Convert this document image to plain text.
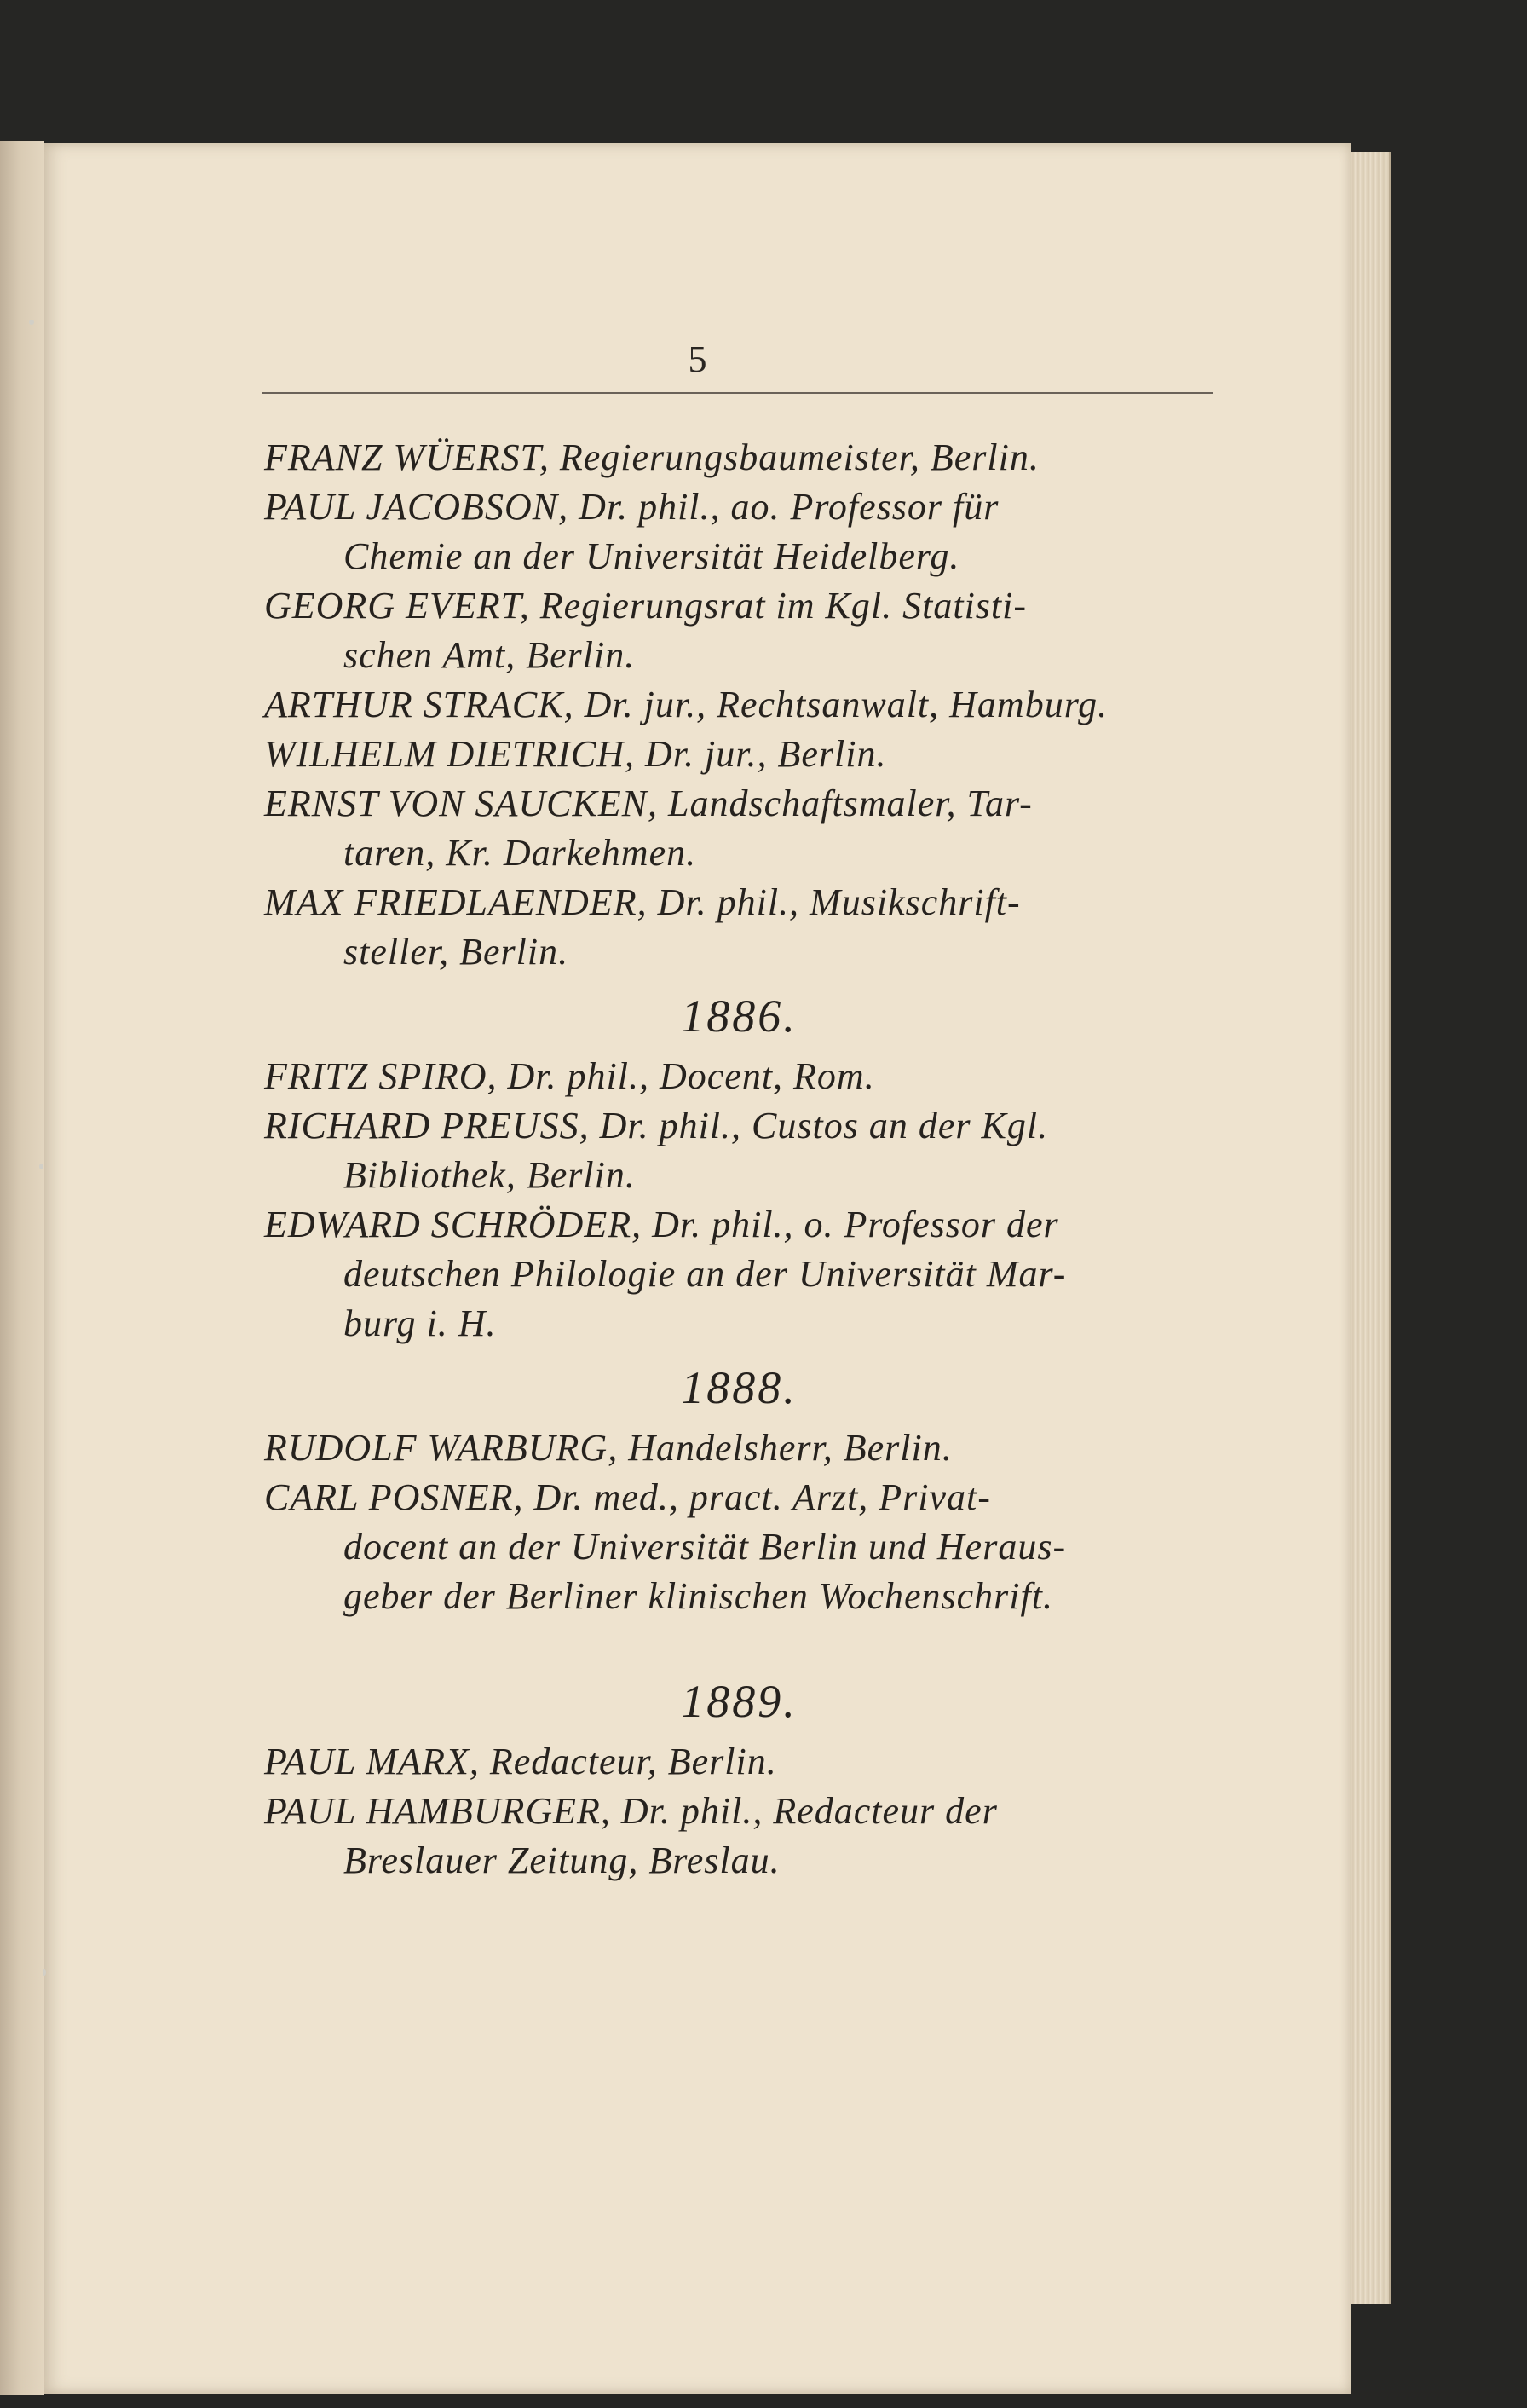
5

FRANZ WÜERST, Regierungsbaumeister, Berlin.

PAUL JACOBSON, Dr. phil., ao. Professor für
Chemie an der Universität Heidelberg.

GEORG EVERT, Regierungsrat im Kgl. Statisti-
schen Amt, Berlin.

ARTHUR STRACK, Dr. jur., Rechtsanwalt, Hamburg.

WILHELM DIETRICH, Dr. jur., Berlin.

ERNST VON SAUCKEN, Landschaftsmaler, Tar-
taren, Kr. Darkehmen.

MAX FRIEDLAENDER, Dr. phil., Musikschrift-
steller, Berlin.

1886.

FRITZ SPIRO, Dr. phil., Docent, Rom.

RICHARD PREUSS, Dr. phil., Custos an der Kgl.
Bibliothek, Berlin.

EDWARD SCHRÖDER, Dr. phil., o. Professor der
deutschen Philologie an der Universität Mar-
burg i. H.

1888.

RUDOLF WARBURG, Handelsherr, Berlin.

CARL POSNER, Dr. med., pract. Arzt, Privat-
docent an der Universität Berlin und Heraus-
geber der Berliner klinischen Wochenschrift.

1889.

PAUL MARX, Redacteur, Berlin.

PAUL HAMBURGER, Dr. phil., Redacteur der
Breslauer Zeitung, Breslau.
